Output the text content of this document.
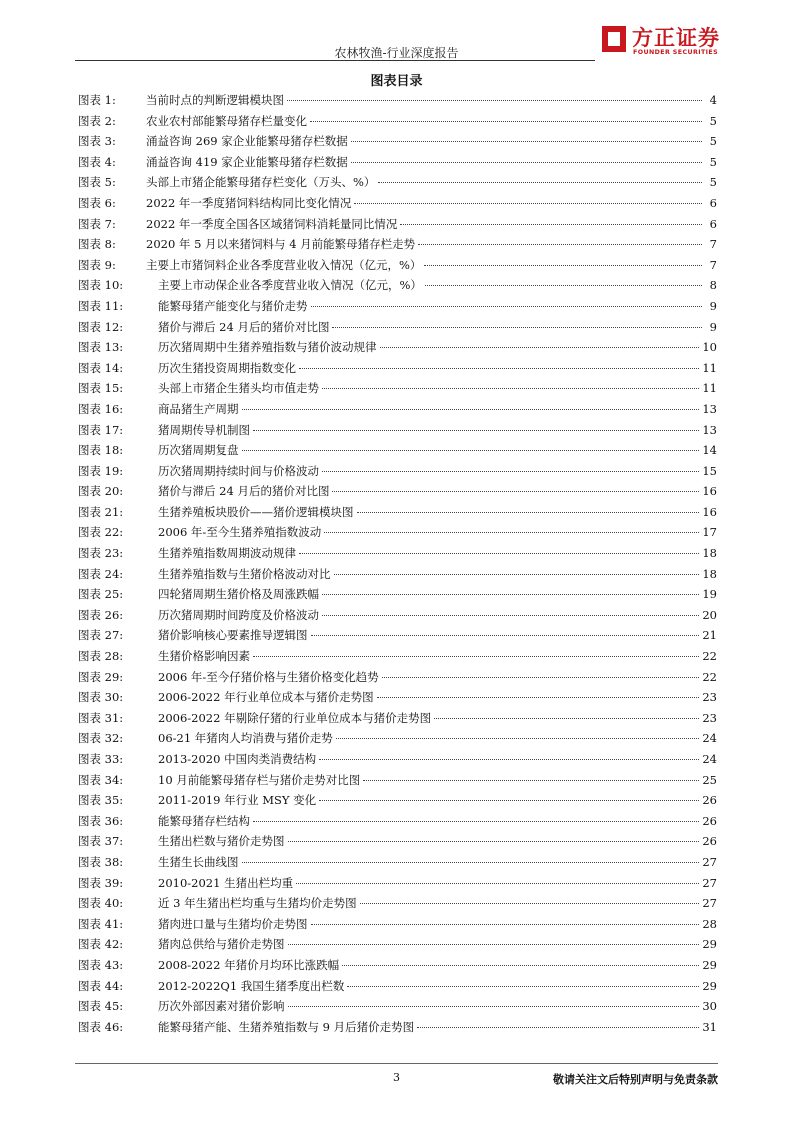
农林牧渔-行业深度报告
方正证券
FOUNDER SECURITIES
图表目录
图表 1:	当前时点的判断逻辑模块图	4
图表 2:	农业农村部能繁母猪存栏量变化	5
图表 3:	涌益咨询 269 家企业能繁母猪存栏数据	5
图表 4:	涌益咨询 419 家企业能繁母猪存栏数据	5
图表 5:	头部上市猪企能繁母猪存栏变化（万头、%）	5
图表 6:	2022 年一季度猪饲料结构同比变化情况	6
图表 7:	2022 年一季度全国各区域猪饲料消耗量同比情况	6
图表 8:	2020 年 5 月以来猪饲料与 4 月前能繁母猪存栏走势	7
图表 9:	主要上市猪饲料企业各季度营业收入情况（亿元，%）	7
图表 10:	主要上市动保企业各季度营业收入情况（亿元，%）	8
图表 11:	能繁母猪产能变化与猪价走势	9
图表 12:	猪价与滞后 24 月后的猪价对比图	9
图表 13:	历次猪周期中生猪养殖指数与猪价波动规律	10
图表 14:	历次生猪投资周期指数变化	11
图表 15:	头部上市猪企生猪头均市值走势	11
图表 16:	商品猪生产周期	13
图表 17:	猪周期传导机制图	13
图表 18:	历次猪周期复盘	14
图表 19:	历次猪周期持续时间与价格波动	15
图表 20:	猪价与滞后 24 月后的猪价对比图	16
图表 21:	生猪养殖板块股价——猪价逻辑模块图	16
图表 22:	2006 年-至今生猪养殖指数波动	17
图表 23:	生猪养殖指数周期波动规律	18
图表 24:	生猪养殖指数与生猪价格波动对比	18
图表 25:	四轮猪周期生猪价格及周涨跌幅	19
图表 26:	历次猪周期时间跨度及价格波动	20
图表 27:	猪价影响核心要素推导逻辑图	21
图表 28:	生猪价格影响因素	22
图表 29:	2006 年-至今仔猪价格与生猪价格变化趋势	22
图表 30:	2006-2022 年行业单位成本与猪价走势图	23
图表 31:	2006-2022 年剔除仔猪的行业单位成本与猪价走势图	23
图表 32:	06-21 年猪肉人均消费与猪价走势	24
图表 33:	2013-2020 中国肉类消费结构	24
图表 34:	10 月前能繁母猪存栏与猪价走势对比图	25
图表 35:	2011-2019 年行业 MSY 变化	26
图表 36:	能繁母猪存栏结构	26
图表 37:	生猪出栏数与猪价走势图	26
图表 38:	生猪生长曲线图	27
图表 39:	2010-2021 生猪出栏均重	27
图表 40:	近 3 年生猪出栏均重与生猪均价走势图	27
图表 41:	猪肉进口量与生猪均价走势图	28
图表 42:	猪肉总供给与猪价走势图	29
图表 43:	2008-2022 年猪价月均环比涨跌幅	29
图表 44:	2012-2022Q1 我国生猪季度出栏数	29
图表 45:	历次外部因素对猪价影响	30
图表 46:	能繁母猪产能、生猪养殖指数与 9 月后猪价走势图	31
3	敬请关注文后特别声明与免责条款
